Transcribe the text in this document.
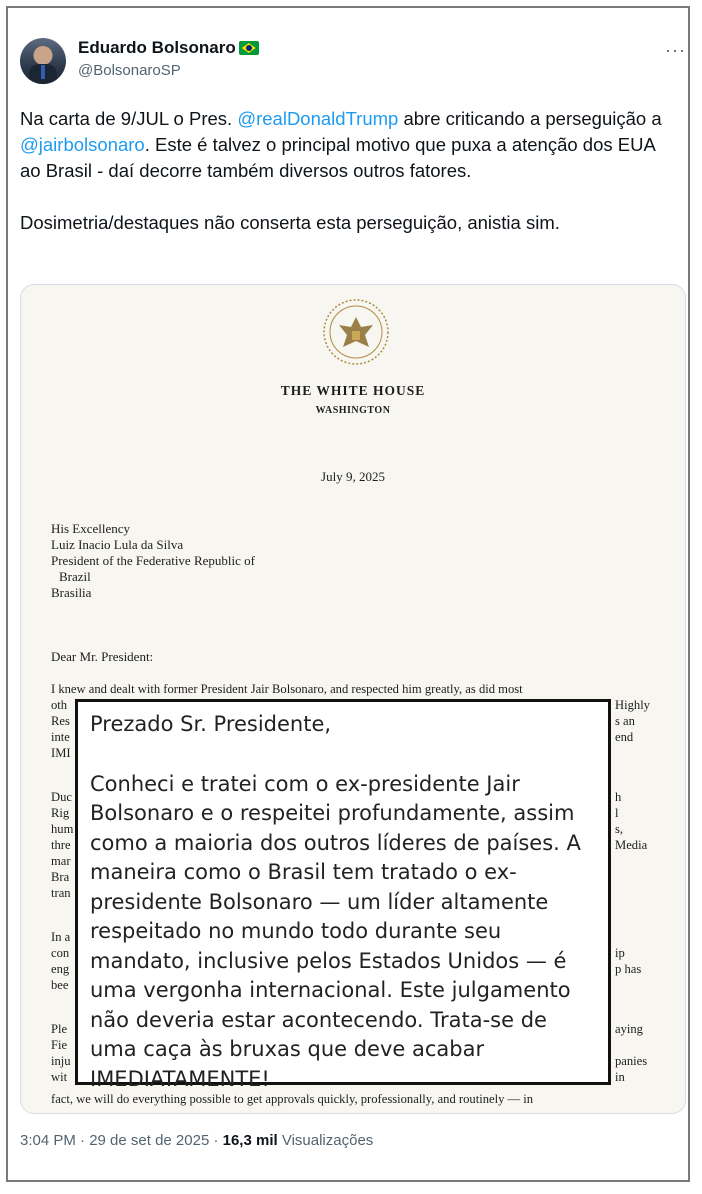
Eduardo Bolsonaro
@BolsonaroSP
···

Na carta de 9/JUL o Pres. @realDonaldTrump abre criticando a perseguição a @jairbolsonaro. Este é talvez o principal motivo que puxa a atenção dos EUA ao Brasil - daí decorre também diversos outros fatores.

Dosimetria/destaques não conserta esta perseguição, anistia sim.

THE WHITE HOUSE
WASHINGTON
July 9, 2025
His Excellency
Luiz Inacio Lula da Silva
President of the Federative Republic of
Brazil
Brasilia
Dear Mr. President:
I knew and dealt with former President Jair Bolsonaro, and respected him greatly, as did most
oth
Res
inte
IMI
Duc
Rig
hum
thre
mar
Bra
tran
In a
con
eng
bee
Ple
Fie
inju
wit
Highly
s an
end
h
l
s,
Media
ip
p has
aying
panies
in
fact, we will do everything possible to get approvals quickly, professionally, and routinely — in

Prezado Sr. Presidente,

Conheci e tratei com o ex-presidente Jair Bolsonaro e o respeitei profundamente, assim como a maioria dos outros líderes de países. A maneira como o Brasil tem tratado o ex-presidente Bolsonaro — um líder altamente respeitado no mundo todo durante seu mandato, inclusive pelos Estados Unidos — é uma vergonha internacional. Este julgamento não deveria estar acontecendo. Trata-se de uma caça às bruxas que deve acabar IMEDIATAMENTE!

3:04 PM · 29 de set de 2025 · 16,3 mil Visualizações
